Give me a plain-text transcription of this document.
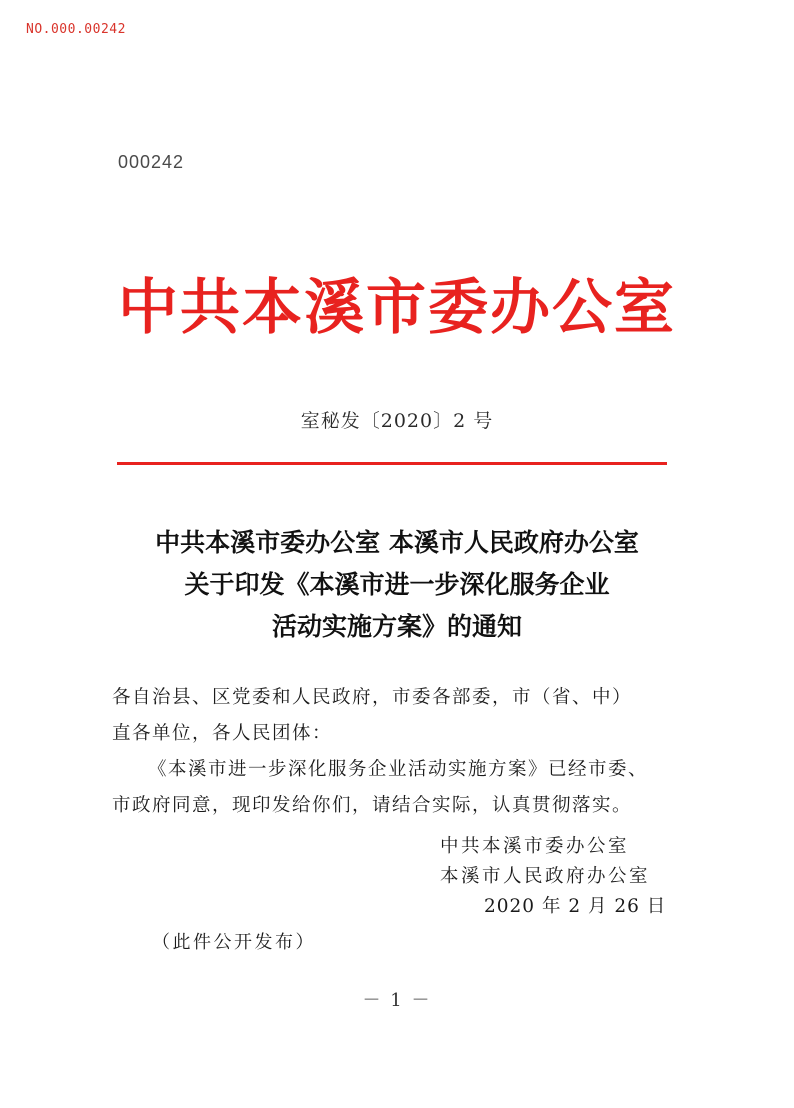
NO.000.00242
000242
中共本溪市委办公室
室秘发〔2020〕2 号
中共本溪市委办公室 本溪市人民政府办公室
关于印发《本溪市进一步深化服务企业
活动实施方案》的通知
各自治县、区党委和人民政府，市委各部委，市（省、中）
直各单位，各人民团体：
《本溪市进一步深化服务企业活动实施方案》已经市委、
市政府同意，现印发给你们，请结合实际，认真贯彻落实。
中共本溪市委办公室
本溪市人民政府办公室
2020 年 2 月 26 日
（此件公开发布）
－ 1 －
